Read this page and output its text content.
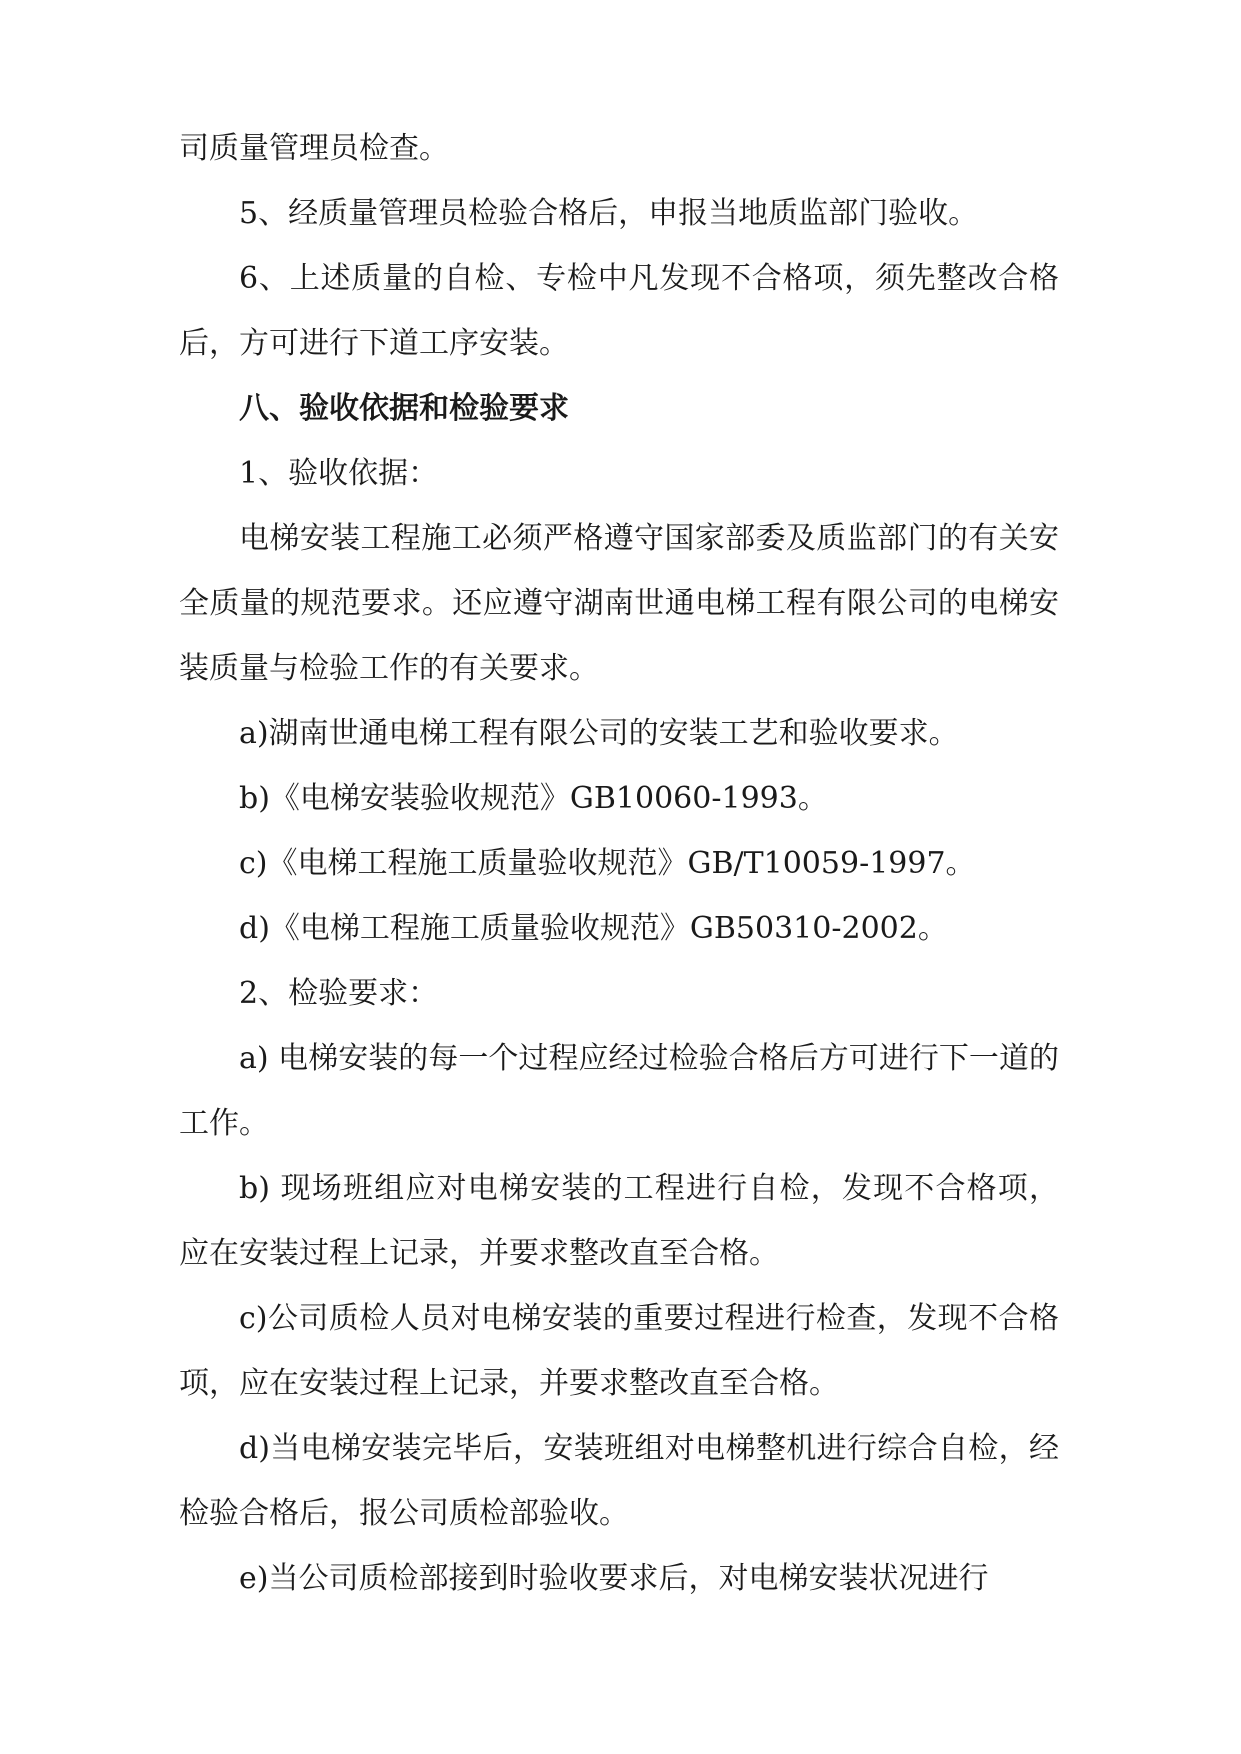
司质量管理员检查。

5、经质量管理员检验合格后，申报当地质监部门验收。

6、上述质量的自检、专检中凡发现不合格项，须先整改合格后，方可进行下道工序安装。

八、验收依据和检验要求

1、验收依据：

电梯安装工程施工必须严格遵守国家部委及质监部门的有关安全质量的规范要求。还应遵守湖南世通电梯工程有限公司的电梯安装质量与检验工作的有关要求。

a)湖南世通电梯工程有限公司的安装工艺和验收要求。

b)《电梯安装验收规范》GB10060-1993。

c)《电梯工程施工质量验收规范》GB/T10059-1997。

d)《电梯工程施工质量验收规范》GB50310-2002。

2、检验要求：

a) 电梯安装的每一个过程应经过检验合格后方可进行下一道的工作。

b) 现场班组应对电梯安装的工程进行自检，发现不合格项，应在安装过程上记录，并要求整改直至合格。

c)公司质检人员对电梯安装的重要过程进行检查，发现不合格项，应在安装过程上记录，并要求整改直至合格。

d)当电梯安装完毕后，安装班组对电梯整机进行综合自检，经检验合格后，报公司质检部验收。

e)当公司质检部接到时验收要求后，对电梯安装状况进行
